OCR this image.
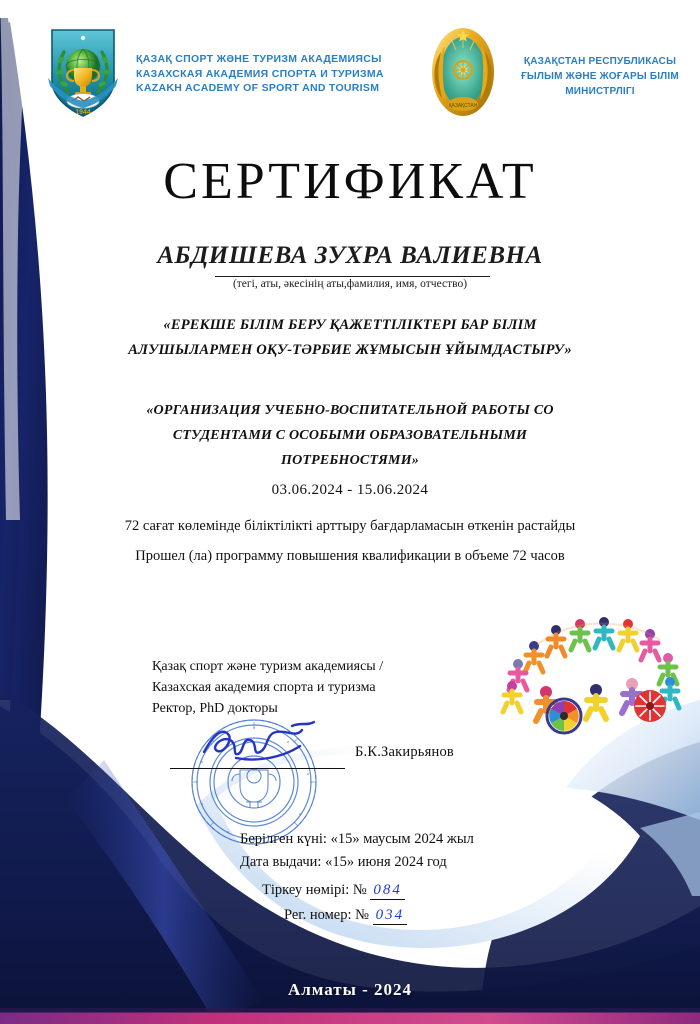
1944
ҚАЗАҚ СПОРТ ЖӘНЕ ТУРИЗМ АКАДЕМИЯСЫ
КАЗАХСКАЯ АКАДЕМИЯ СПОРТА И ТУРИЗМА
KAZAKH ACADEMY OF SPORT AND TOURISM
ҚАЗАҚСТАН
ҚАЗАҚСТАН РЕСПУБЛИКАСЫ
ҒЫЛЫМ ЖӘНЕ ЖОҒАРЫ БІЛІМ
МИНИСТРЛІГІ
СЕРТИФИКАТ
АБДИШЕВА ЗУХРА ВАЛИЕВНА
(тегі, аты, әкесінің аты,фамилия, имя, отчество)
«ЕРЕКШЕ БІЛІМ БЕРУ ҚАЖЕТТІЛІКТЕРІ БАР БІЛІМ
АЛУШЫЛАРМЕН ОҚУ-ТӘРБИЕ ЖҰМЫСЫН ҰЙЫМДАСТЫРУ»
«ОРГАНИЗАЦИЯ УЧЕБНО-ВОСПИТАТЕЛЬНОЙ РАБОТЫ СО
СТУДЕНТАМИ С ОСОБЫМИ ОБРАЗОВАТЕЛЬНЫМИ
ПОТРЕБНОСТЯМИ»
03.06.2024 - 15.06.2024
72 сағат көлемінде біліктілікті арттыру бағдарламасын өткенін растайды
Прошел (ла) программу повышения квалификации в объеме 72 часов
Қазақ спорт және туризм академиясы /
Казахская академия спорта и туризма
Ректор, PhD докторы
Б.К.Закирьянов
Берілген күні: «15» маусым 2024 жыл
Дата выдачи: «15» июня 2024 год
Тіркеу нөмірі: № 084
Рег. номер: № 034
Алматы - 2024
